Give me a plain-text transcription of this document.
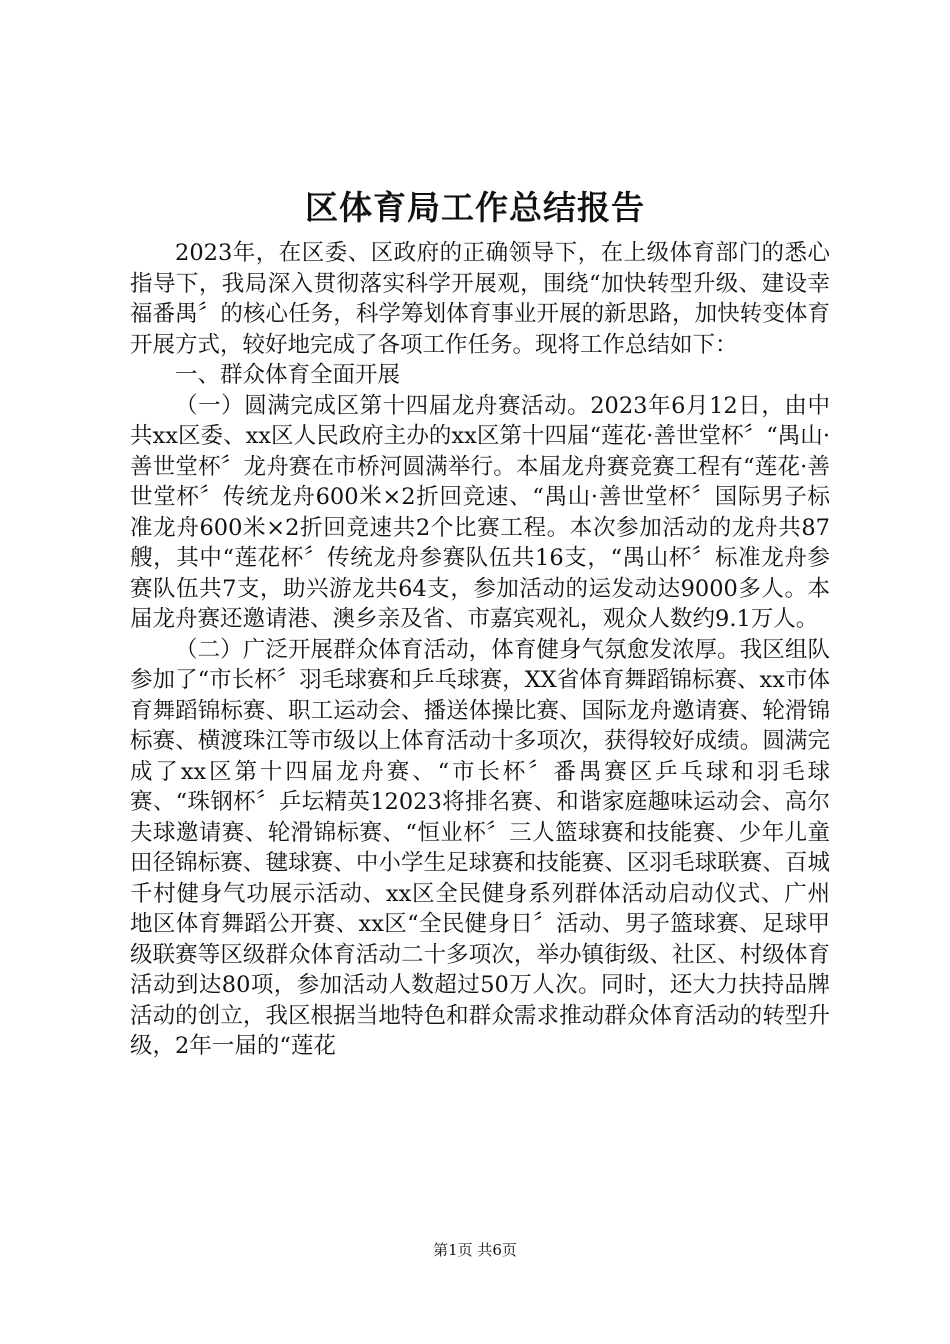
区体育局工作总结报告

2023年，在区委、区政府的正确领导下，在上级体育部门的悉心指导下，我局深入贯彻落实科学开展观，围绕“加快转型升级、建设幸福番禺〞的核心任务，科学筹划体育事业开展的新思路，加快转变体育开展方式，较好地完成了各项工作任务。现将工作总结如下：

一、群众体育全面开展

（一）圆满完成区第十四届龙舟赛活动。2023年6月12日，由中共xx区委、xx区人民政府主办的xx区第十四届“莲花·善世堂杯〞“禺山·善世堂杯〞龙舟赛在市桥河圆满举行。本届龙舟赛竞赛工程有“莲花·善世堂杯〞传统龙舟600米×2折回竞速、“禺山·善世堂杯〞国际男子标准龙舟600米×2折回竞速共2个比赛工程。本次参加活动的龙舟共87艘，其中“莲花杯〞传统龙舟参赛队伍共16支，“禺山杯〞标准龙舟参赛队伍共7支，助兴游龙共64支，参加活动的运发动达9000多人。本届龙舟赛还邀请港、澳乡亲及省、市嘉宾观礼，观众人数约9.1万人。

（二）广泛开展群众体育活动，体育健身气氛愈发浓厚。我区组队参加了“市长杯〞羽毛球赛和乒乓球赛，XX省体育舞蹈锦标赛、xx市体育舞蹈锦标赛、职工运动会、播送体操比赛、国际龙舟邀请赛、轮滑锦标赛、横渡珠江等市级以上体育活动十多项次，获得较好成绩。圆满完成了xx区第十四届龙舟赛、“市长杯〞番禺赛区乒乓球和羽毛球赛、“珠钢杯〞乒坛精英12023将排名赛、和谐家庭趣味运动会、高尔夫球邀请赛、轮滑锦标赛、“恒业杯〞三人篮球赛和技能赛、少年儿童田径锦标赛、毽球赛、中小学生足球赛和技能赛、区羽毛球联赛、百城千村健身气功展示活动、xx区全民健身系列群体活动启动仪式、广州地区体育舞蹈公开赛、xx区“全民健身日〞活动、男子篮球赛、足球甲级联赛等区级群众体育活动二十多项次，举办镇街级、社区、村级体育活动到达80项，参加活动人数超过50万人次。同时，还大力扶持品牌活动的创立，我区根据当地特色和群众需求推动群众体育活动的转型升级，2年一届的“莲花

第1页 共6页
